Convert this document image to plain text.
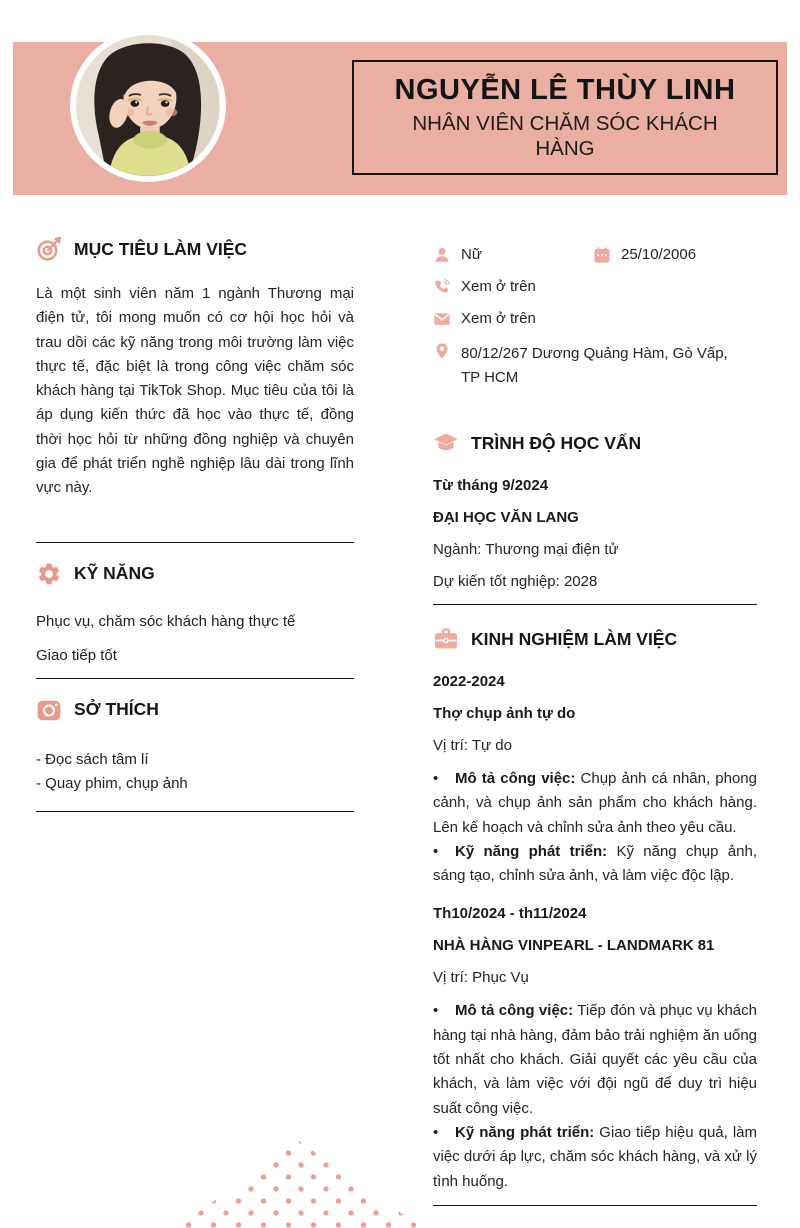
NGUYỄN LÊ THÙY LINH
NHÂN VIÊN CHĂM SÓC KHÁCH HÀNG
MỤC TIÊU LÀM VIỆC

Là một sinh viên năm 1 ngành Thương mại điện tử, tôi mong muốn có cơ hội học hỏi và trau dồi các kỹ năng trong môi trường làm việc thực tế, đặc biệt là trong công việc chăm sóc khách hàng tại TikTok Shop. Mục tiêu của tôi là áp dụng kiến thức đã học vào thực tế, đồng thời học hỏi từ những đồng nghiệp và chuyên gia để phát triển nghề nghiệp lâu dài trong lĩnh vực này.

KỸ NĂNG
Phục vụ, chăm sóc khách hàng thực tế
Giao tiếp tốt
SỞ THÍCH
- Đọc sách tâm lí
- Quay phim, chụp ảnh
Nữ	25/10/2006
Xem ở trên
Xem ở trên
80/12/267 Dương Quảng Hàm, Gò Vấp, TP HCM
TRÌNH ĐỘ HỌC VẤN
Từ tháng 9/2024
ĐẠI HỌC VĂN LANG
Ngành: Thương mại điện tử
Dự kiến tốt nghiệp: 2028
KINH NGHIỆM LÀM VIỆC
2022-2024
Thợ chụp ảnh tự do
Vị trí: Tự do

•Mô tả công việc: Chụp ảnh cá nhân, phong cảnh, và chụp ảnh sản phẩm cho khách hàng. Lên kế hoạch và chỉnh sửa ảnh theo yêu cầu.

•Kỹ năng phát triển: Kỹ năng chụp ảnh, sáng tạo, chỉnh sửa ảnh, và làm việc độc lập.

Th10/2024 - th11/2024
NHÀ HÀNG VINPEARL - LANDMARK 81
Vị trí: Phục Vụ

•Mô tả công việc: Tiếp đón và phục vụ khách hàng tại nhà hàng, đảm bảo trải nghiệm ăn uống tốt nhất cho khách. Giải quyết các yêu cầu của khách, và làm việc với đội ngũ để duy trì hiệu suất công việc.

•Kỹ năng phát triển: Giao tiếp hiệu quả, làm việc dưới áp lực, chăm sóc khách hàng, và xử lý tình huống.
